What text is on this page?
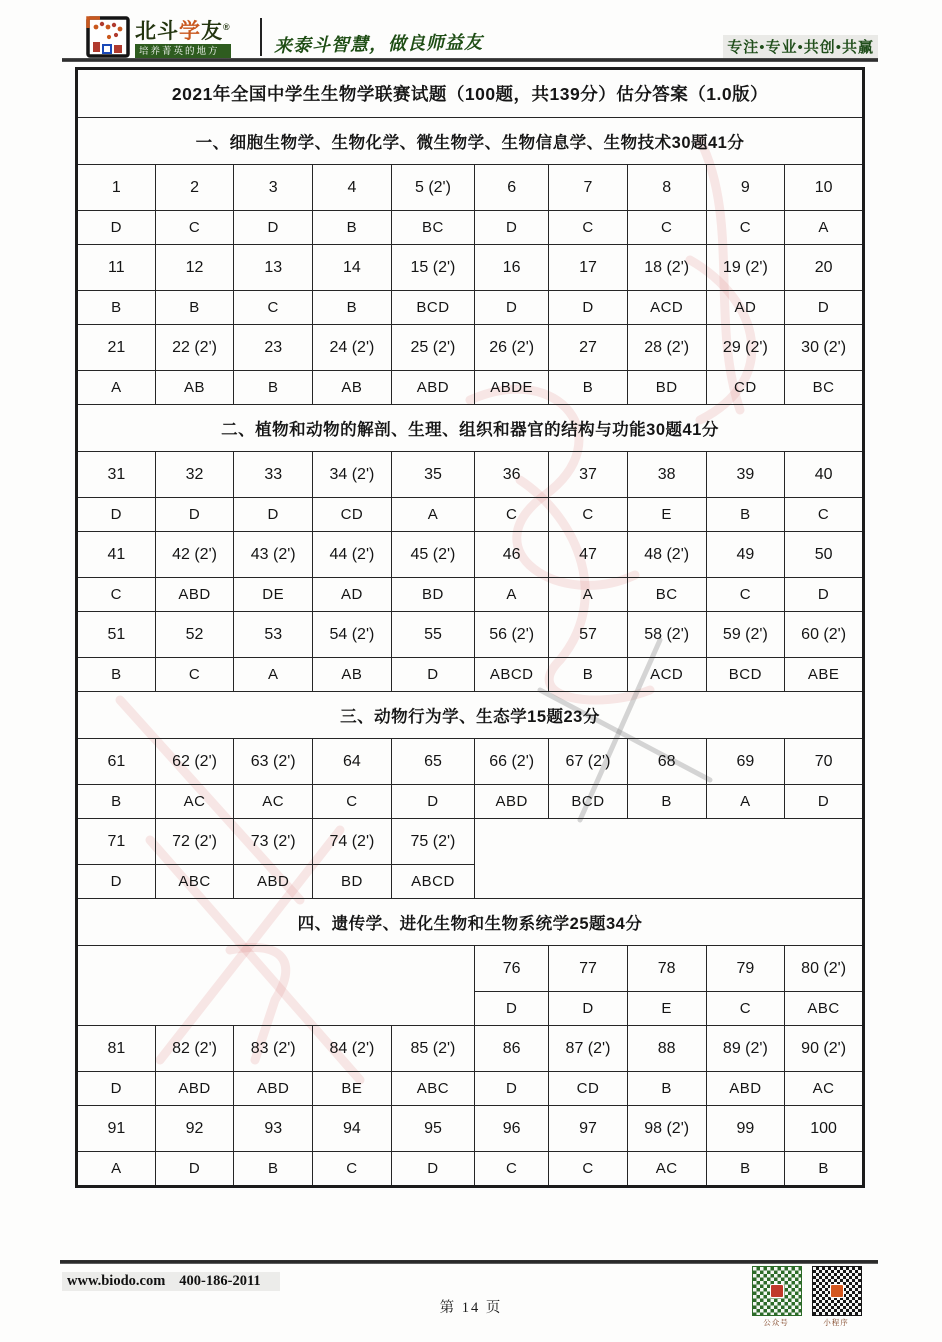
北斗学友®
培养菁英的地方	来泰斗智慧，做良师益友	专注•专业•共创•共赢
2021年全国中学生生物学联赛试题（100题，共139分）估分答案（1.0版）									
一、细胞生物学、生物化学、微生物学、生物信息学、生物技术30题41分									
1	2	3	4	5 (2')	6	7	8	9	10
D	C	D	B	BC	D	C	C	C	A
11	12	13	14	15 (2')	16	17	18 (2')	19 (2')	20
B	B	C	B	BCD	D	D	ACD	AD	D
21	22 (2')	23	24 (2')	25 (2')	26 (2')	27	28 (2')	29 (2')	30 (2')
A	AB	B	AB	ABD	ABDE	B	BD	CD	BC
二、植物和动物的解剖、生理、组织和器官的结构与功能30题41分									
31	32	33	34 (2')	35	36	37	38	39	40
D	D	D	CD	A	C	C	E	B	C
41	42 (2')	43 (2')	44 (2')	45 (2')	46	47	48 (2')	49	50
C	ABD	DE	AD	BD	A	A	BC	C	D
51	52	53	54 (2')	55	56 (2')	57	58 (2')	59 (2')	60 (2')
B	C	A	AB	D	ABCD	B	ACD	BCD	ABE
三、动物行为学、生态学15题23分									
61	62 (2')	63 (2')	64	65	66 (2')	67 (2')	68	69	70
B	AC	AC	C	D	ABD	BCD	B	A	D
71	72 (2')	73 (2')	74 (2')	75 (2')					
D	ABC	ABD	BD	ABCD					
四、遗传学、进化生物和生物系统学25题34分									
					76	77	78	79	80 (2')
					D	D	E	C	ABC
81	82 (2')	83 (2')	84 (2')	85 (2')	86	87 (2')	88	89 (2')	90 (2')
D	ABD	ABD	BE	ABC	D	CD	B	ABD	AC
91	92	93	94	95	96	97	98 (2')	99	100
A	D	B	C	D	C	C	AC	B	B
www.biodo.com 400-186-2011
第 14 页
公众号	小程序
